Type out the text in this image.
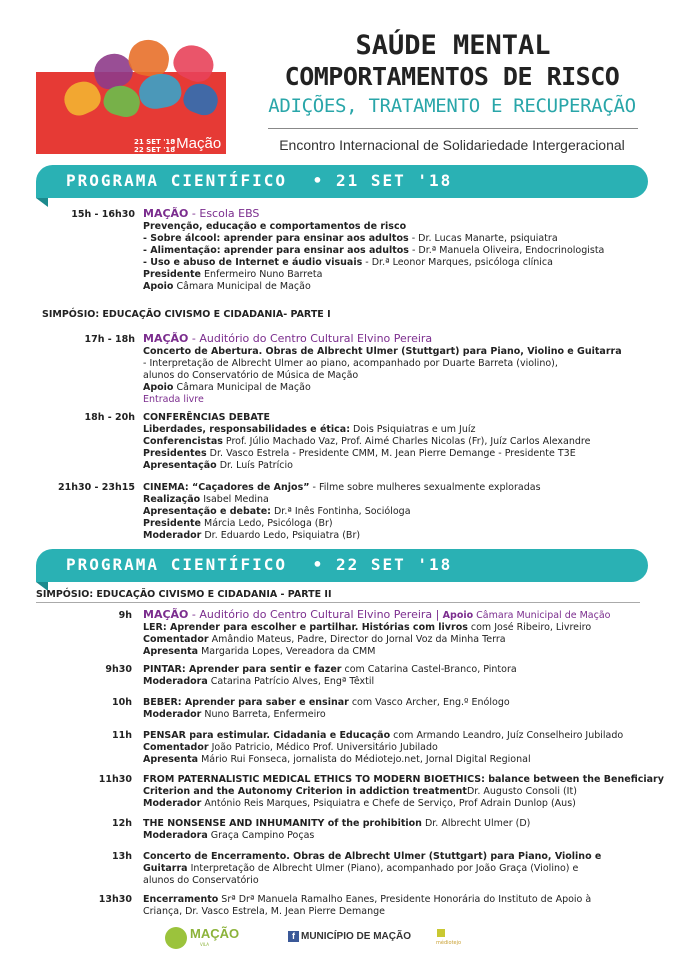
21 SET '18
22 SET '18
:Mação
SAÚDE MENTAL
COMPORTAMENTOS DE RISCO
ADIÇÕES, TRATAMENTO E RECUPERAÇÃO
Encontro Internacional de Solidariedade Intergeracional
PROGRAMA CIENTÍFICO • 21 SET '18
15h - 16h30 MAÇÃO - Escola EBS
Prevenção, educação e comportamentos de risco
- Sobre álcool: aprender para ensinar aos adultos - Dr. Lucas Manarte, psiquiatra
- Alimentação: aprender para ensinar aos adultos - Dr.ª Manuela Oliveira, Endocrinologista
- Uso e abuso de Internet e áudio visuais - Dr.ª Leonor Marques, psicóloga clínica
Presidente Enfermeiro Nuno Barreta
Apoio Câmara Municipal de Mação
SIMPÓSIO: EDUCAÇÃO CIVISMO E CIDADANIA- PARTE I
17h - 18h MAÇÃO - Auditório do Centro Cultural Elvino Pereira
Concerto de Abertura. Obras de Albrecht Ulmer (Stuttgart) para Piano, Violino e Guitarra
- Interpretação de Albrecht Ulmer ao piano, acompanhado por Duarte Barreta (violino),
alunos do Conservatório de Música de Mação
Apoio Câmara Municipal de Mação
Entrada livre
18h - 20h CONFERÊNCIAS DEBATE
Liberdades, responsabilidades e ética: Dois Psiquiatras e um Juíz
Conferencistas Prof. Júlio Machado Vaz, Prof. Aimé Charles Nicolas (Fr), Juíz Carlos Alexandre
Presidentes Dr. Vasco Estrela - Presidente CMM, M. Jean Pierre Demange - Presidente T3E
Apresentação Dr. Luís Patrício
21h30 - 23h15 CINEMA: “Caçadores de Anjos” - Filme sobre mulheres sexualmente exploradas
Realização Isabel Medina
Apresentação e debate: Dr.ª Inês Fontinha, Socióloga
Presidente Márcia Ledo, Psicóloga (Br)
Moderador Dr. Eduardo Ledo, Psiquiatra (Br)
PROGRAMA CIENTÍFICO • 22 SET '18
SIMPÓSIO: EDUCAÇÃO CIVISMO E CIDADANIA - PARTE II
9h MAÇÃO - Auditório do Centro Cultural Elvino Pereira | Apoio Câmara Municipal de Mação
LER: Aprender para escolher e partilhar. Histórias com livros com José Ribeiro, Livreiro
Comentador Amândio Mateus, Padre, Director do Jornal Voz da Minha Terra
Apresenta Margarida Lopes, Vereadora da CMM
9h30 PINTAR: Aprender para sentir e fazer com Catarina Castel-Branco, Pintora
Moderadora Catarina Patrício Alves, Engª Têxtil
10h BEBER: Aprender para saber e ensinar com Vasco Archer, Eng.º Enólogo
Moderador Nuno Barreta, Enfermeiro
11h PENSAR para estimular. Cidadania e Educação com Armando Leandro, Juíz Conselheiro Jubilado
Comentador João Patricio, Médico Prof. Universitário Jubilado
Apresenta Mário Rui Fonseca, jornalista do Médiotejo.net, Jornal Digital Regional
11h30 FROM PATERNALISTIC MEDICAL ETHICS TO MODERN BIOETHICS: balance between the Beneficiary
Criterion and the Autonomy Criterion in addiction treatmentDr. Augusto Consoli (It)
Moderador António Reis Marques, Psiquiatra e Chefe de Serviço, Prof Adrain Dunlop (Aus)
12h THE NONSENSE AND INHUMANITY of the prohibition Dr. Albrecht Ulmer (D)
Moderadora Graça Campino Poças
13h Concerto de Encerramento. Obras de Albrecht Ulmer (Stuttgart) para Piano, Violino e
Guitarra Interpretação de Albrecht Ulmer (Piano), acompanhado por João Graça (Violino) e
alunos do Conservatório
13h30 Encerramento Srª Drª Manuela Ramalho Eanes, Presidente Honorária do Instituto de Apoio à
Criança, Dr. Vasco Estrela, M. Jean Pierre Demange
MAÇÃO
VILA
f MUNICÍPIO DE MAÇÃO
médiotejo
